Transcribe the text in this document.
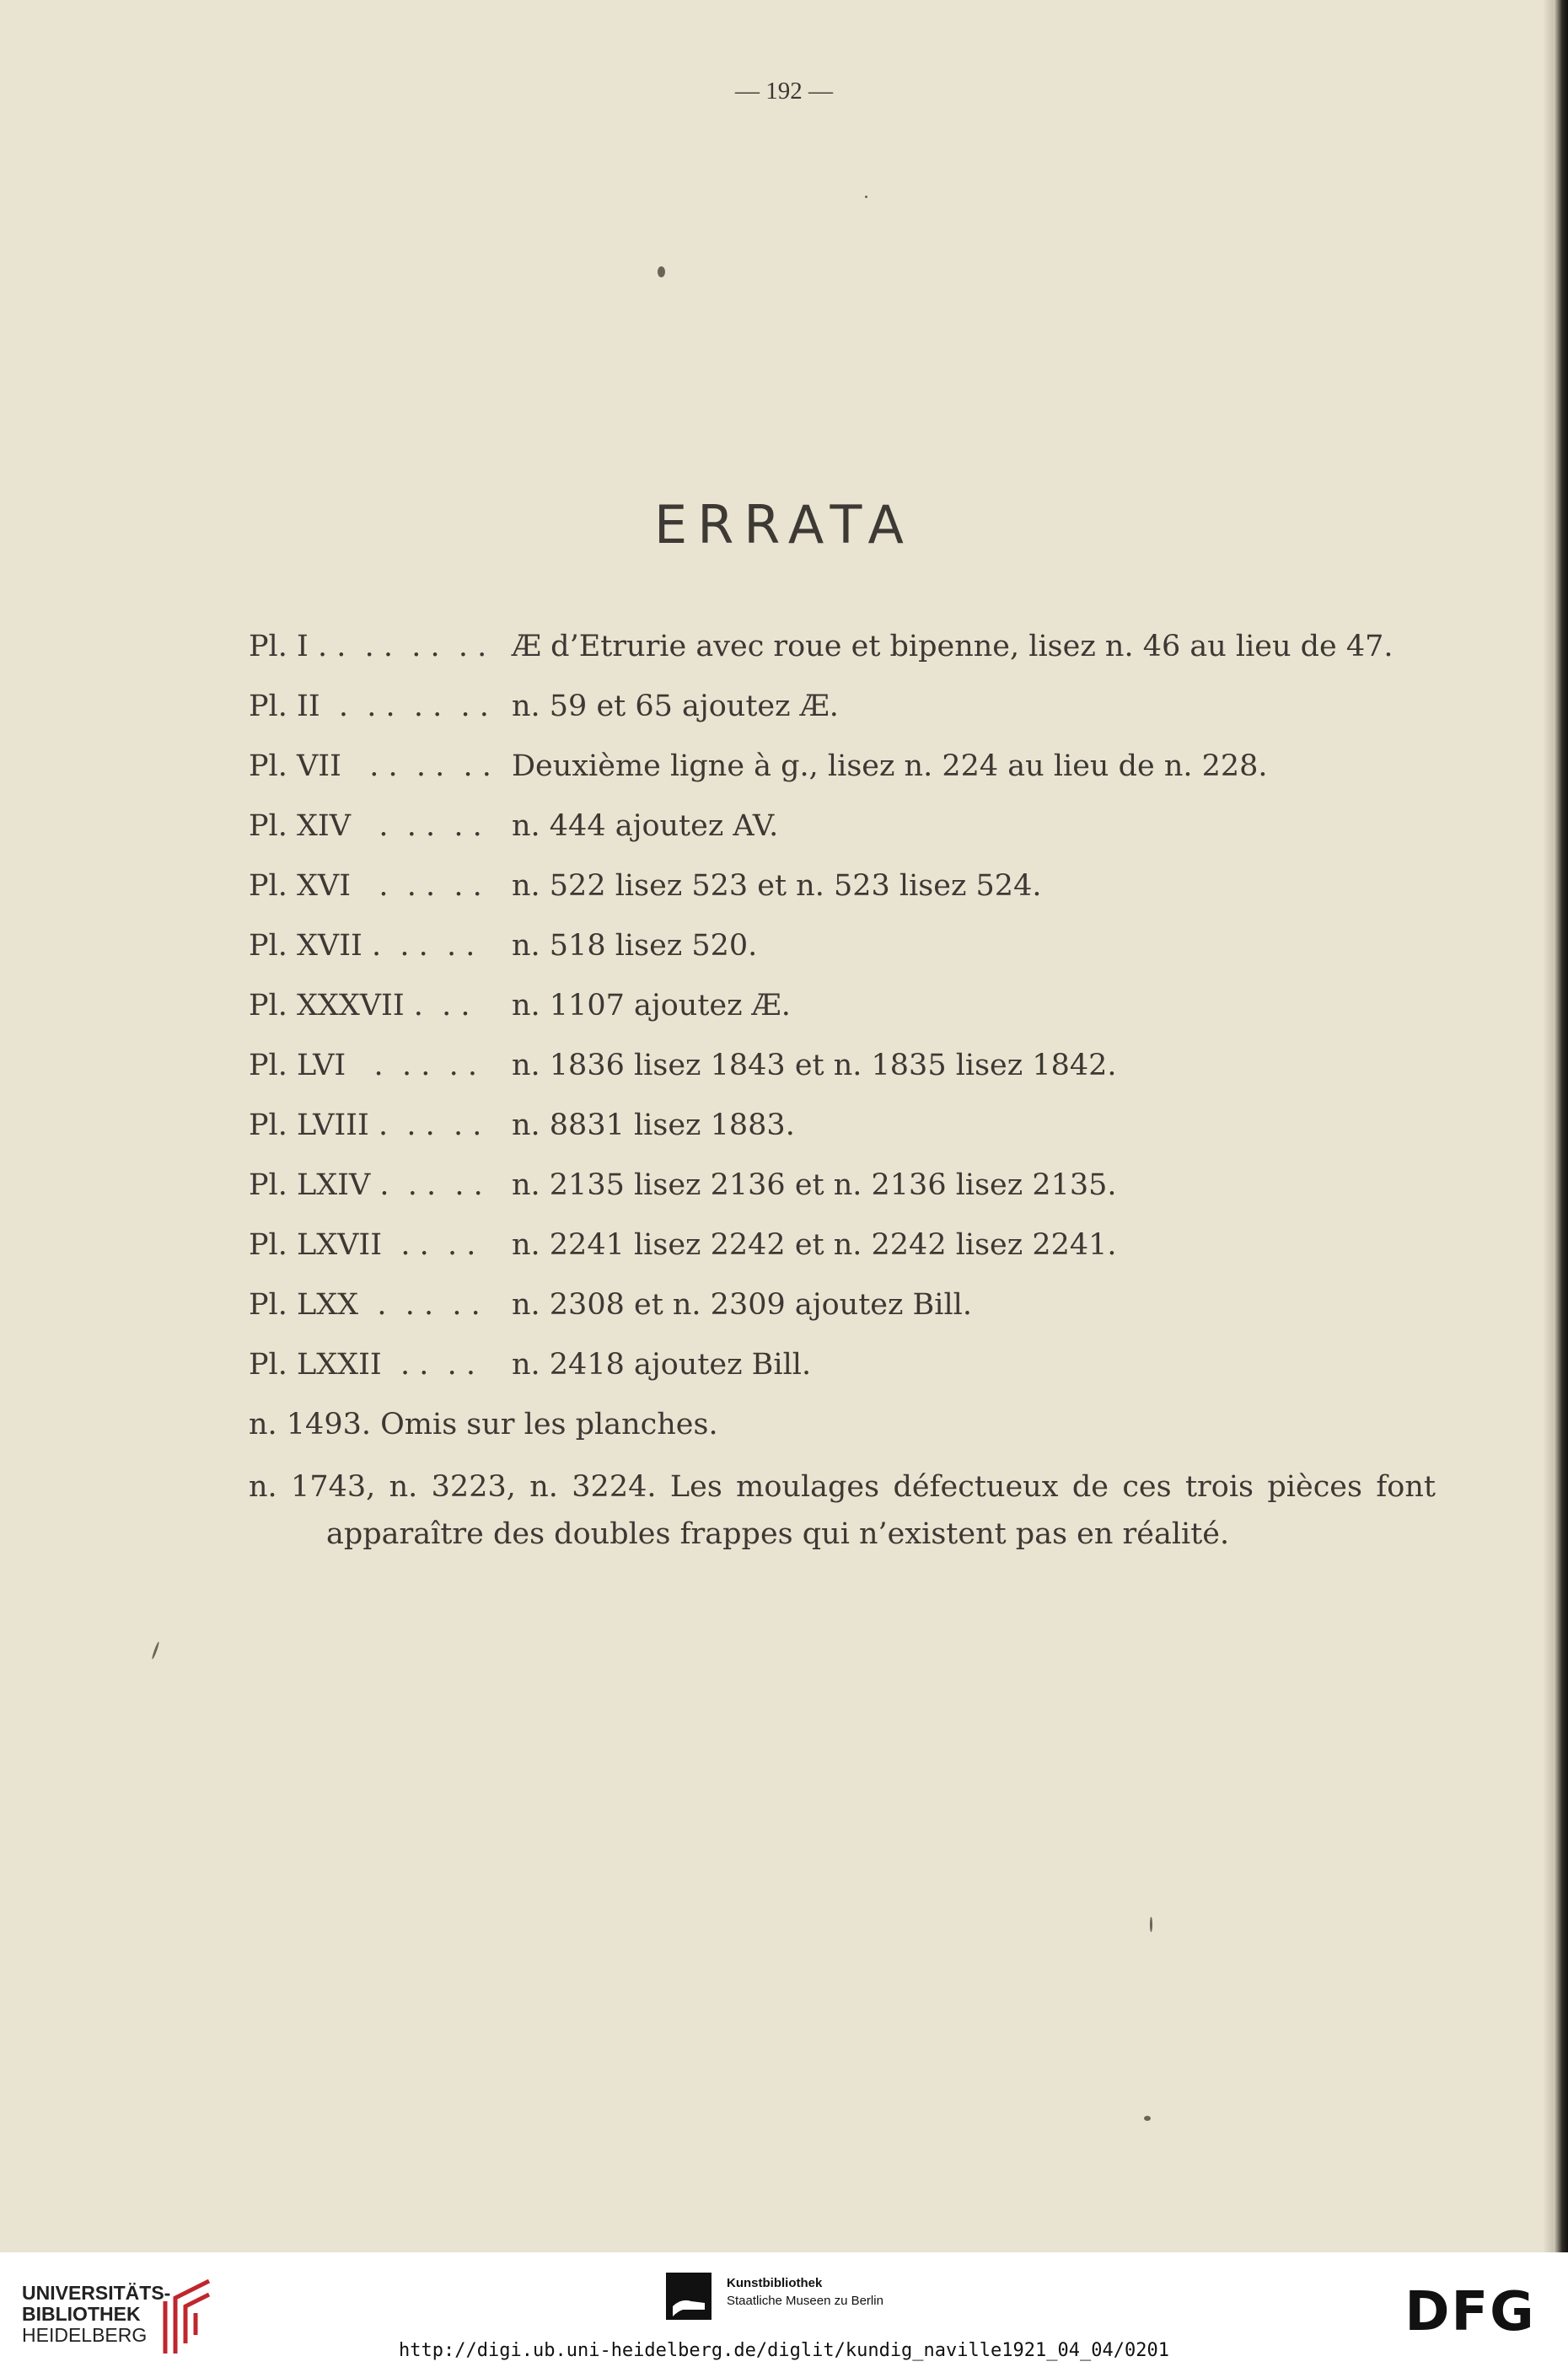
— 192 —
ERRATA
Pl. I . .  . .  . .  . . Æ d’Etrurie avec roue et bipenne, lisez n. 46 au lieu de 47.
Pl. II  .  . .  . .  . . n. 59 et 65 ajoutez Æ.
Pl. VII   . .  . .  . . Deuxième ligne à g., lisez n. 224 au lieu de n. 228.
Pl. XIV   .  . .  . . n. 444 ajoutez AV.
Pl. XVI   .  . .  . . n. 522 lisez 523 et n. 523 lisez 524.
Pl. XVII .  . .  . . n. 518 lisez 520.
Pl. XXXVII .  . . n. 1107 ajoutez Æ.
Pl. LVI   .  . .  . . n. 1836 lisez 1843 et n. 1835 lisez 1842.
Pl. LVIII .  . .  . . n. 8831 lisez 1883.
Pl. LXIV .  . .  . . n. 2135 lisez 2136 et n. 2136 lisez 2135.
Pl. LXVII  . .  . . n. 2241 lisez 2242 et n. 2242 lisez 2241.
Pl. LXX  .  . .  . . n. 2308 et n. 2309 ajoutez Bill.
Pl. LXXII  . .  . . n. 2418 ajoutez Bill.
n. 1493. Omis sur les planches.
n. 1743, n. 3223, n. 3224. Les moulages défectueux de ces trois pièces font apparaître des doubles frappes qui n’existent pas en réalité.
UNIVERSITÄTS-
BIBLIOTHEK
HEIDELBERG
Kunstbibliothek
Staatliche Museen zu Berlin	DFG
http://digi.ub.uni-heidelberg.de/diglit/kundig_naville1921_04_04/0201
